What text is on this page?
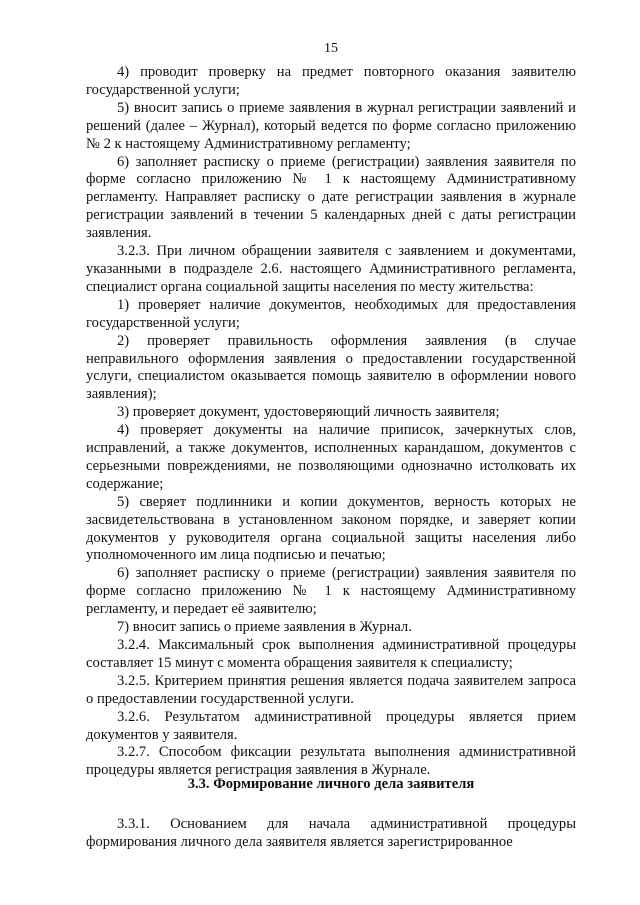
15

4) проводит проверку на предмет повторного оказания заявителю государственной услуги;

5) вносит запись о приеме заявления в журнал регистрации заявлений и решений (далее – Журнал), который ведется по форме согласно приложению № 2 к настоящему Административному регламенту;

6) заполняет расписку о приеме (регистрации) заявления заявителя по форме согласно приложению № 1 к настоящему Административному регламенту. Направляет расписку о дате регистрации заявления в журнале регистрации заявлений в течении 5 календарных дней с даты регистрации заявления.

3.2.3. При личном обращении заявителя с заявлением и документами, указанными в подразделе 2.6. настоящего Административного регламента, специалист органа социальной защиты населения по месту жительства:

1) проверяет наличие документов, необходимых для предоставления государственной услуги;

2) проверяет правильность оформления заявления (в случае неправильного оформления заявления о предоставлении государственной услуги, специалистом оказывается помощь заявителю в оформлении нового заявления);

3) проверяет документ, удостоверяющий личность заявителя;

4) проверяет документы на наличие приписок, зачеркнутых слов, исправлений, а также документов, исполненных карандашом, документов с серьезными повреждениями, не позволяющими однозначно истолковать их содержание;

5) сверяет подлинники и копии документов, верность которых не засвидетельствована в установленном законом порядке, и заверяет копии документов у руководителя органа социальной защиты населения либо уполномоченного им лица подписью и печатью;

6) заполняет расписку о приеме (регистрации) заявления заявителя по форме согласно приложению № 1 к настоящему Административному регламенту, и передает её заявителю;

7) вносит запись о приеме заявления в Журнал.

3.2.4. Максимальный срок выполнения административной процедуры составляет 15 минут с момента обращения заявителя к специалисту;

3.2.5. Критерием принятия решения является подача заявителем запроса о предоставлении государственной услуги.

3.2.6. Результатом административной процедуры является прием документов у заявителя.

3.2.7. Способом фиксации результата выполнения административной процедуры является регистрация заявления в Журнале.

3.3. Формирование личного дела заявителя

3.3.1. Основанием для начала административной процедуры формирования личного дела заявителя является зарегистрированное
